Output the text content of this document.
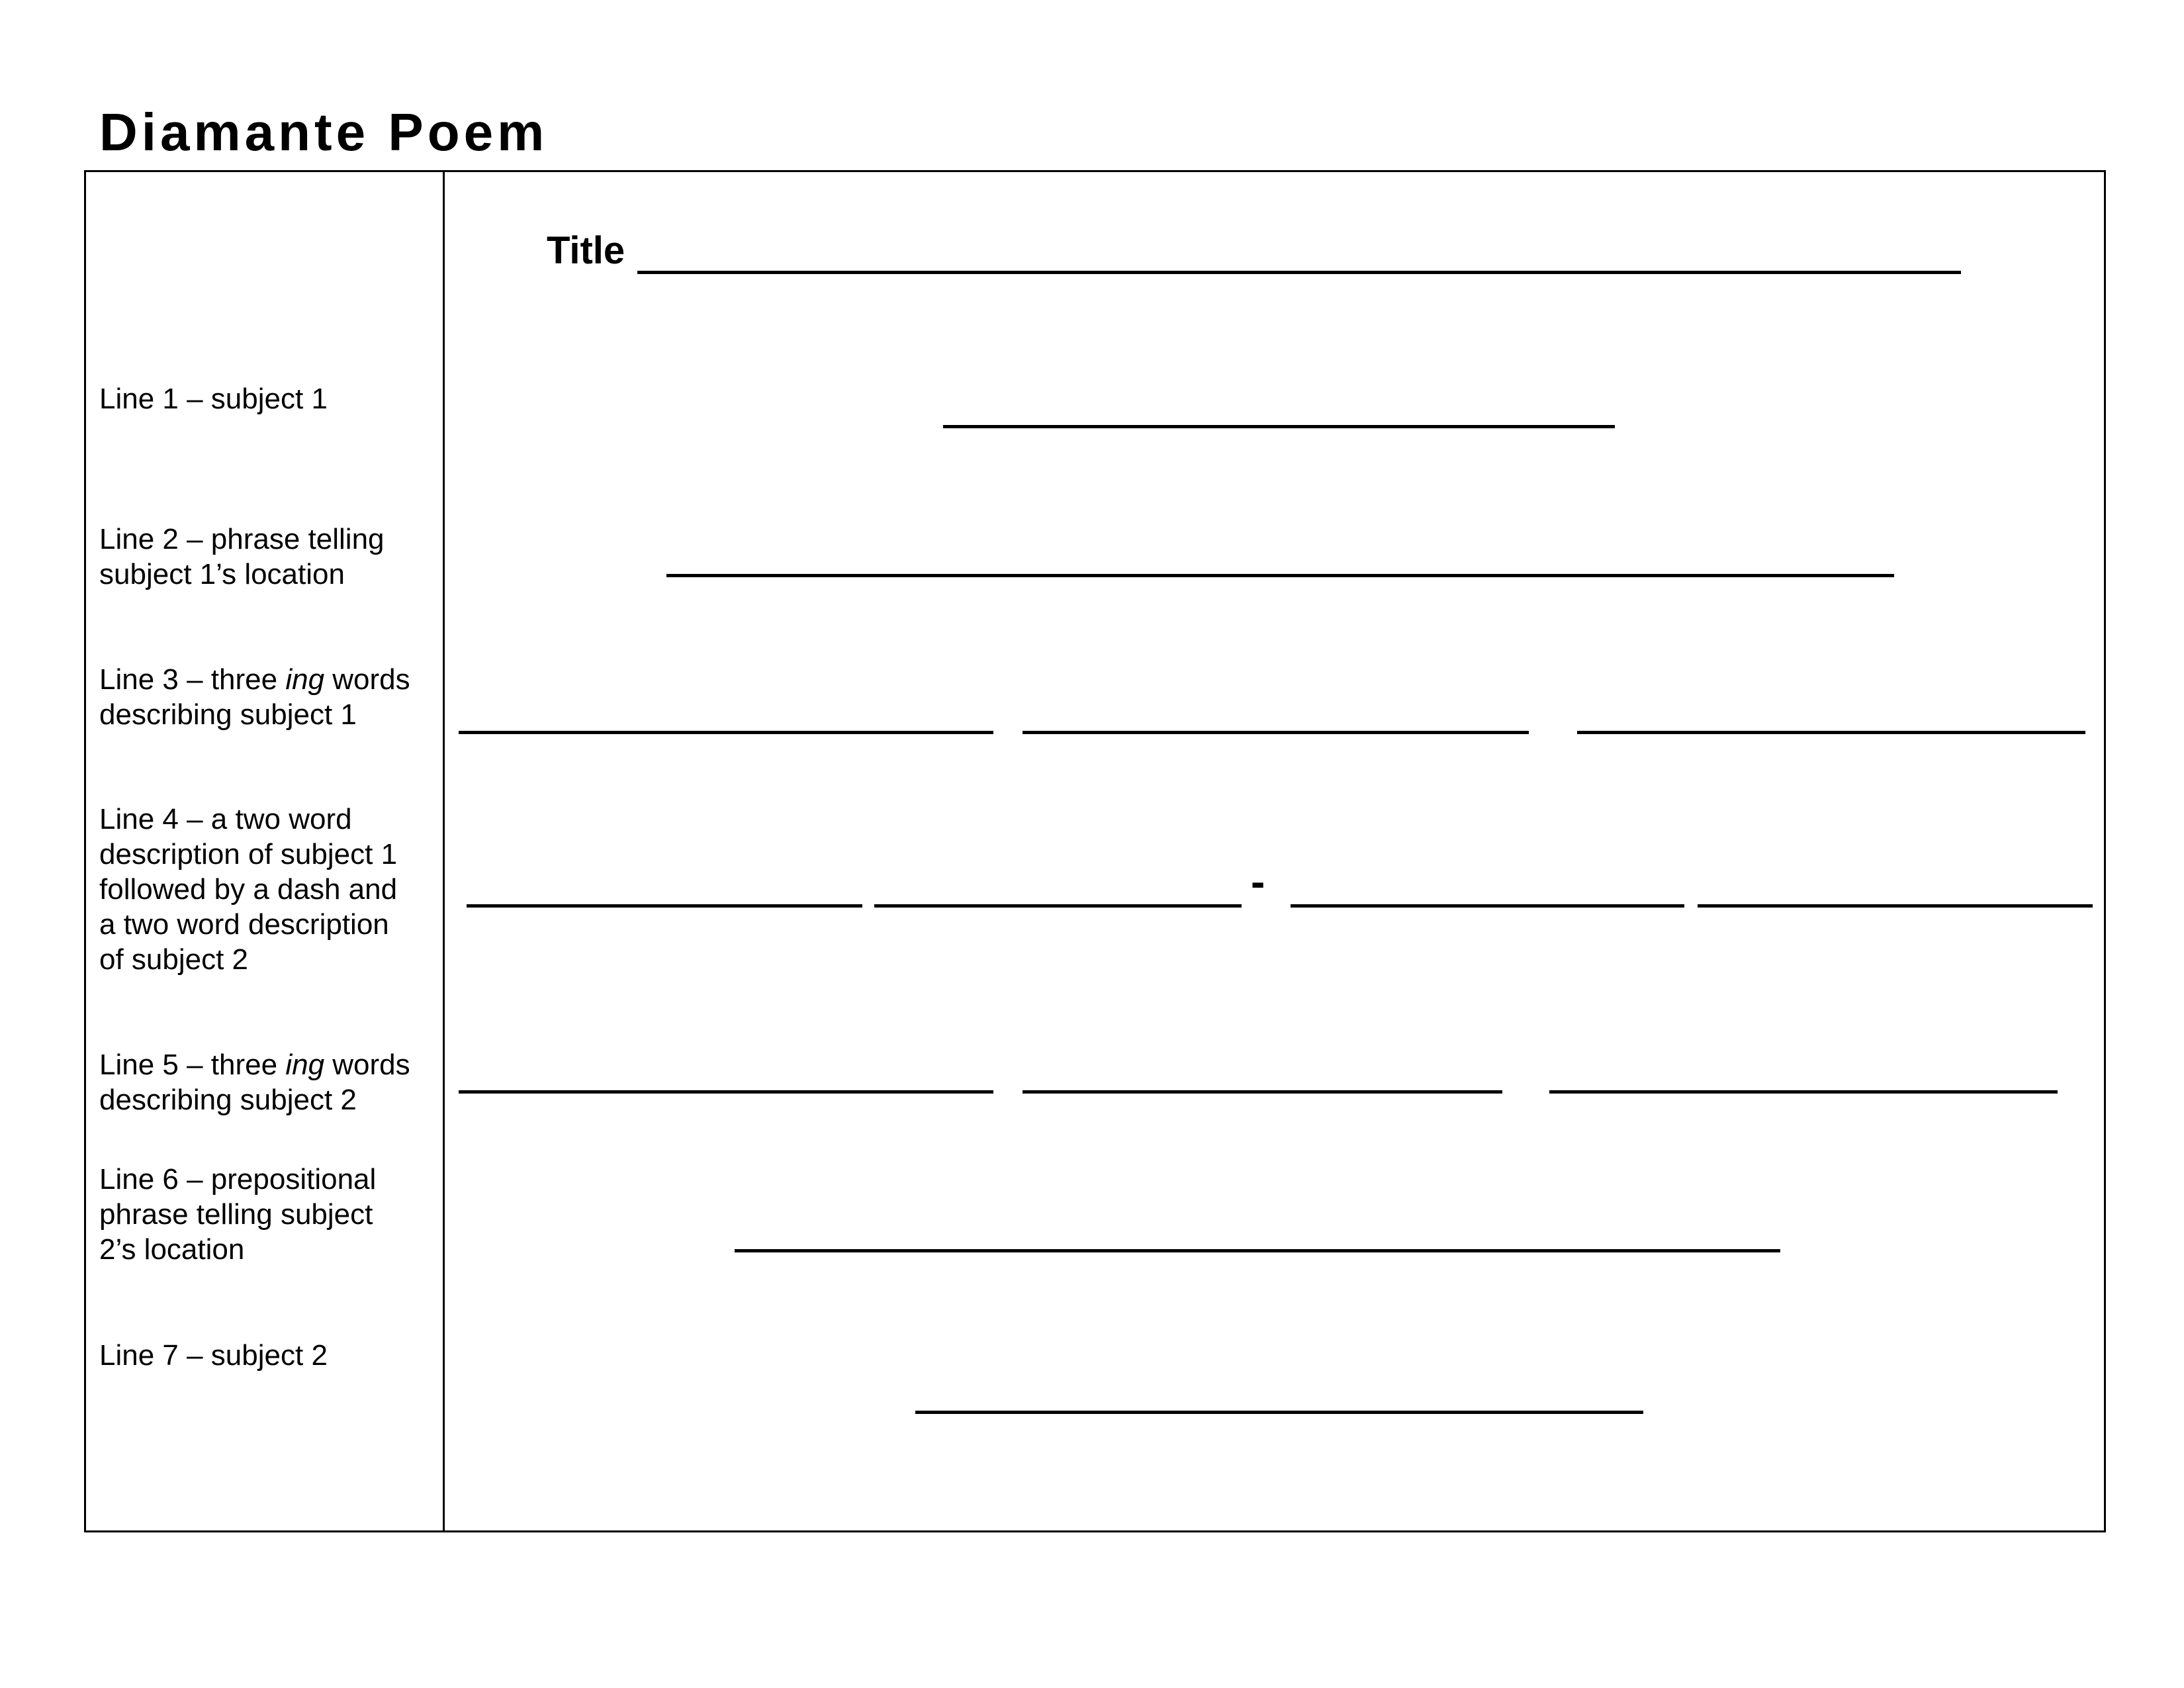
Diamante Poem
Line 1 – subject 1
Line 2 – phrase telling
subject 1’s location
Line 3 – three ing words
describing subject 1
Line 4 – a two word
description of subject 1
followed by a dash and
a two word description
of subject 2
Line 5 – three ing words
describing subject 2
Line 6 – prepositional
phrase telling subject
2’s location
Line 7 – subject 2
Title
-
